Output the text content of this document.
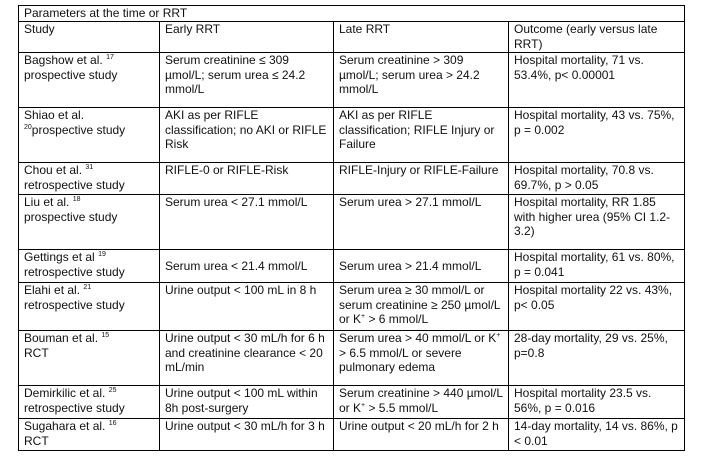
Parameters at the time or RRT			
Study	Early RRT	Late RRT	Outcome (early versus late RRT)

Bagshow et al. $^{17}$
prospective study	Serum creatinine ≤ 309 µmol/L; serum urea ≤ 24.2 mmol/L	Serum creatinine > 309 µmol/L; serum urea > 24.2 mmol/L	Hospital mortality, 71 vs. 53.4%, p< 0.00001

Shiao et al.
$^{20}$prospective study	AKI as per RIFLE classification; no AKI or RIFLE Risk	AKI as per RIFLE classification; RIFLE Injury or Failure	Hospital mortality, 43 vs. 75%, p = 0.002
Chou et al. $^{31}$
retrospective study	RIFLE-0 or RIFLE-Risk	RIFLE-Injury or RIFLE-Failure	Hospital mortality, 70.8 vs. 69.7%, p > 0.05
Liu et al. $^{18}$
prospective study	Serum urea < 27.1 mmol/L	Serum urea > 27.1 mmol/L	Hospital mortality, RR 1.85 with higher urea (95% CI 1.2-3.2)
Gettings et al $^{19}$
retrospective study	Serum urea < 21.4 mmol/L	Serum urea > 21.4 mmol/L	Hospital mortality, 61 vs. 80%, p = 0.041
Elahi et al. $^{21}$
retrospective study	Urine output < 100 mL in 8 h	Serum urea ≥ 30 mmol/L or serum creatinine ≥ 250 µmol/L or K+ > 6 mmol/L	Hospital mortality 22 vs. 43%, p< 0.05
Bouman et al. $^{15}$
RCT	Urine output < 30 mL/h for 6 h and creatinine clearance < 20 mL/min	Serum urea > 40 mmol/L or K+ > 6.5 mmol/L or severe pulmonary edema	28-day mortality, 29 vs. 25%, p=0.8
Demirkilic et al. $^{25}$
retrospective study	Urine output < 100 mL within 8h post-surgery	Serum creatinine > 440 µmol/L or K+ > 5.5 mmol/L	Hospital mortality 23.5 vs. 56%, p = 0.016
Sugahara et al. $^{16}$
RCT	Urine output < 30 mL/h for 3 h	Urine output < 20 mL/h for 2 h	14-day mortality, 14 vs. 86%, p < 0.01
